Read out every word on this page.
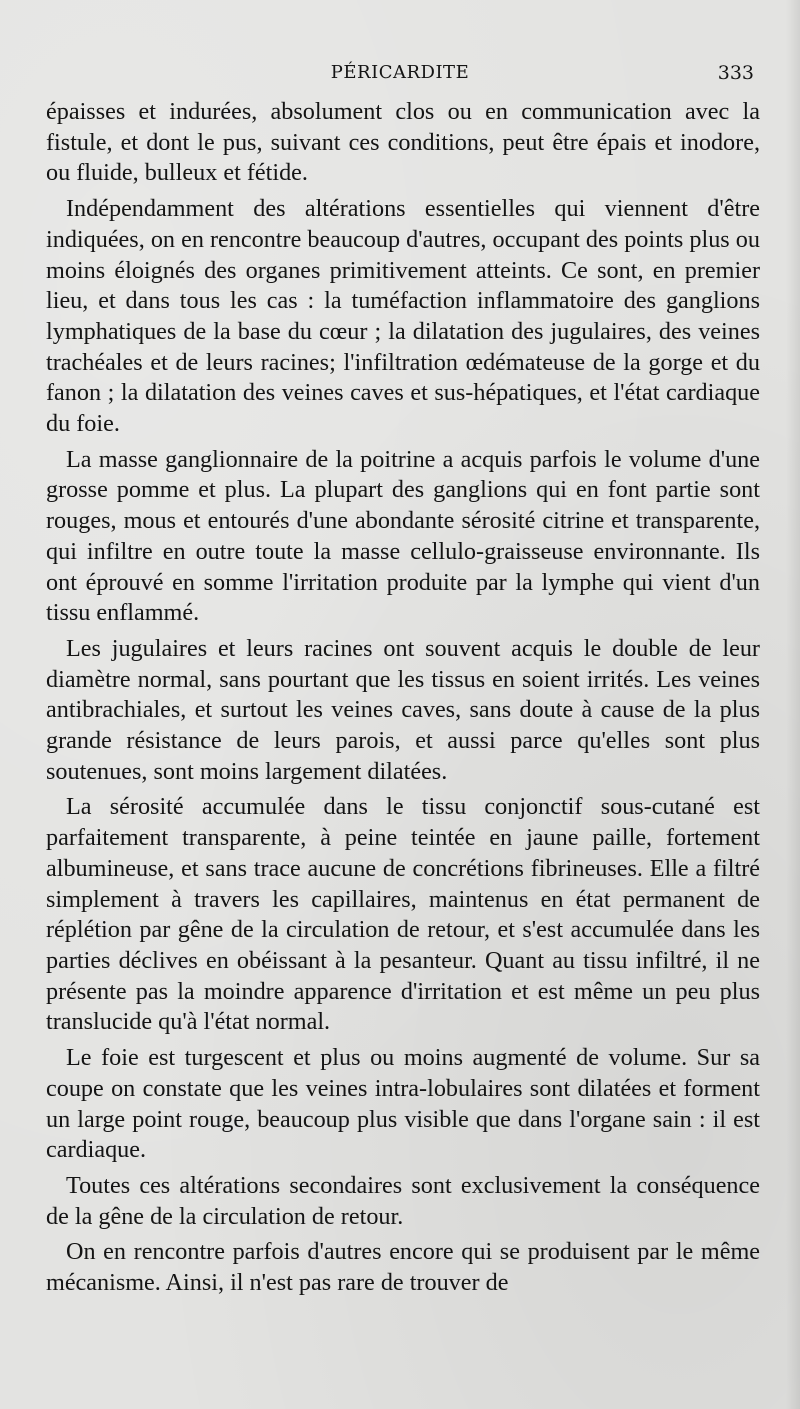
PÉRICARDITE	333

épaisses et indurées, absolument clos ou en communication avec la fistule, et dont le pus, suivant ces conditions, peut être épais et inodore, ou fluide, bulleux et fétide.

Indépendamment des altérations essentielles qui viennent d'être indiquées, on en rencontre beaucoup d'autres, occupant des points plus ou moins éloignés des organes primitivement atteints. Ce sont, en premier lieu, et dans tous les cas : la tuméfaction inflammatoire des ganglions lymphatiques de la base du cœur ; la dilatation des jugulaires, des veines trachéales et de leurs racines; l'infiltration œdémateuse de la gorge et du fanon ; la dilatation des veines caves et sus-hépatiques, et l'état cardiaque du foie.

La masse ganglionnaire de la poitrine a acquis parfois le volume d'une grosse pomme et plus. La plupart des ganglions qui en font partie sont rouges, mous et entourés d'une abondante sérosité citrine et transparente, qui infiltre en outre toute la masse cellulo-graisseuse environnante. Ils ont éprouvé en somme l'irritation produite par la lymphe qui vient d'un tissu enflammé.

Les jugulaires et leurs racines ont souvent acquis le double de leur diamètre normal, sans pourtant que les tissus en soient irrités. Les veines antibrachiales, et surtout les veines caves, sans doute à cause de la plus grande résistance de leurs parois, et aussi parce qu'elles sont plus soutenues, sont moins largement dilatées.

La sérosité accumulée dans le tissu conjonctif sous-cutané est parfaitement transparente, à peine teintée en jaune paille, fortement albumineuse, et sans trace aucune de concrétions fibrineuses. Elle a filtré simplement à travers les capillaires, maintenus en état permanent de réplétion par gêne de la circulation de retour, et s'est accumulée dans les parties déclives en obéissant à la pesanteur. Quant au tissu infiltré, il ne présente pas la moindre apparence d'irritation et est même un peu plus translucide qu'à l'état normal.

Le foie est turgescent et plus ou moins augmenté de volume. Sur sa coupe on constate que les veines intra-lobulaires sont dilatées et forment un large point rouge, beaucoup plus visible que dans l'organe sain : il est cardiaque.

Toutes ces altérations secondaires sont exclusivement la conséquence de la gêne de la circulation de retour.

On en rencontre parfois d'autres encore qui se produisent par le même mécanisme. Ainsi, il n'est pas rare de trouver de
